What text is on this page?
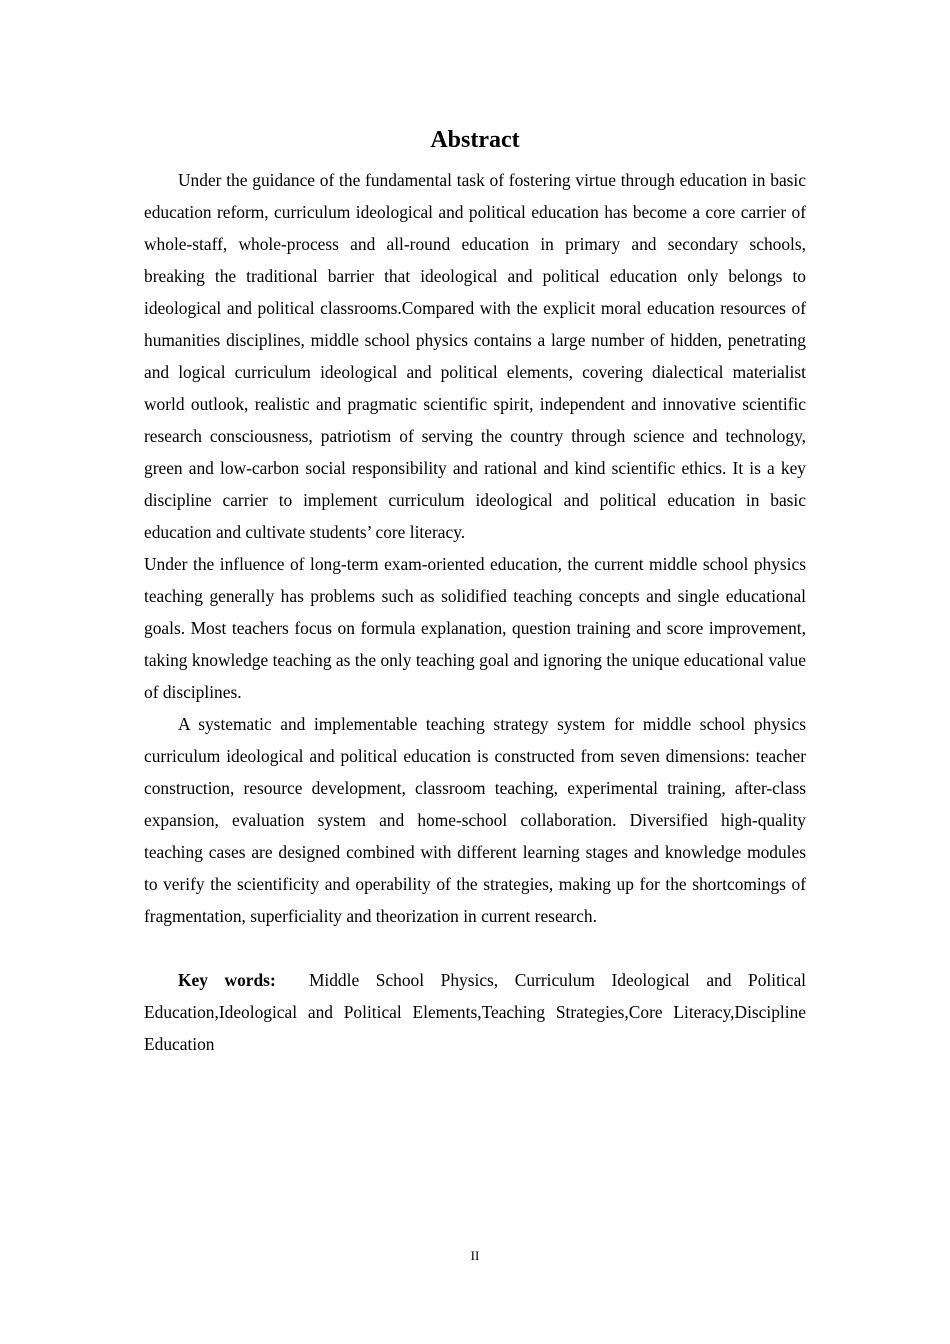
Abstract

Under the guidance of the fundamental task of fostering virtue through education in basic education reform, curriculum ideological and political education has become a core carrier of whole-staff, whole-process and all-round education in primary and secondary schools, breaking the traditional barrier that ideological and political education only belongs to ideological and political classrooms.Compared with the explicit moral education resources of humanities disciplines, middle school physics contains a large number of hidden, penetrating and logical curriculum ideological and political elements, covering dialectical materialist world outlook, realistic and pragmatic scientific spirit, independent and innovative scientific research consciousness, patriotism of serving the country through science and technology, green and low-carbon social responsibility and rational and kind scientific ethics. It is a key discipline carrier to implement curriculum ideological and political education in basic education and cultivate students’ core literacy.

Under the influence of long-term exam-oriented education, the current middle school physics teaching generally has problems such as solidified teaching concepts and single educational goals. Most teachers focus on formula explanation, question training and score improvement, taking knowledge teaching as the only teaching goal and ignoring the unique educational value of disciplines.

A systematic and implementable teaching strategy system for middle school physics curriculum ideological and political education is constructed from seven dimensions: teacher construction, resource development, classroom teaching, experimental training, after-class expansion, evaluation system and home-school collaboration. Diversified high-quality teaching cases are designed combined with different learning stages and knowledge modules to verify the scientificity and operability of the strategies, making up for the shortcomings of fragmentation, superficiality and theorization in current research.

Key words: Middle School Physics, Curriculum Ideological and Political Education,Ideological and Political Elements,Teaching Strategies,Core Literacy,Discipline Education

II
